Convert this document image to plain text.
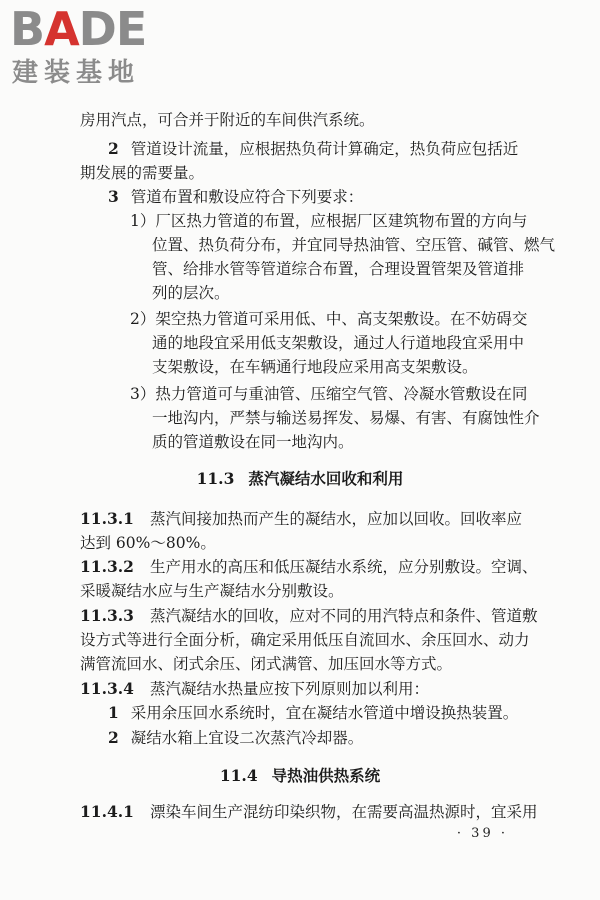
BADE
建装基地
房用汽点，可合并于附近的车间供汽系统。
2 管道设计流量，应根据热负荷计算确定，热负荷应包括近
期发展的需要量。
3 管道布置和敷设应符合下列要求：
1）厂区热力管道的布置，应根据厂区建筑物布置的方向与
位置、热负荷分布，并宜同导热油管、空压管、碱管、燃气
管、给排水管等管道综合布置，合理设置管架及管道排
列的层次。
2）架空热力管道可采用低、中、高支架敷设。在不妨碍交
通的地段宜采用低支架敷设，通过人行道地段宜采用中
支架敷设，在车辆通行地段应采用高支架敷设。
3）热力管道可与重油管、压缩空气管、冷凝水管敷设在同
一地沟内，严禁与输送易挥发、易爆、有害、有腐蚀性介
质的管道敷设在同一地沟内。
11.3 蒸汽凝结水回收和利用
11.3.1 蒸汽间接加热而产生的凝结水，应加以回收。回收率应
达到 60%～80%。
11.3.2 生产用水的高压和低压凝结水系统，应分别敷设。空调、
采暖凝结水应与生产凝结水分别敷设。
11.3.3 蒸汽凝结水的回收，应对不同的用汽特点和条件、管道敷
设方式等进行全面分析，确定采用低压自流回水、余压回水、动力
满管流回水、闭式余压、闭式满管、加压回水等方式。
11.3.4 蒸汽凝结水热量应按下列原则加以利用：
1 采用余压回水系统时，宜在凝结水管道中增设换热装置。
2 凝结水箱上宜设二次蒸汽冷却器。
11.4 导热油供热系统
11.4.1 漂染车间生产混纺印染织物，在需要高温热源时，宜采用
· 39 ·
